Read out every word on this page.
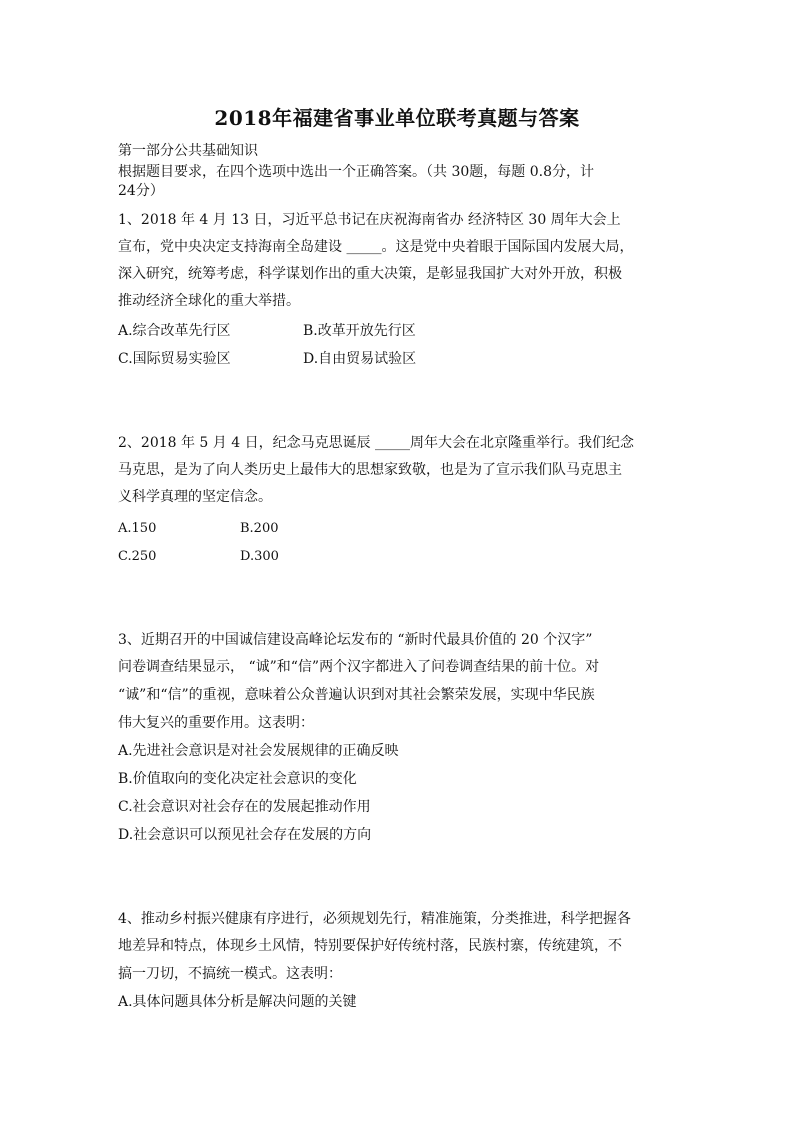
2018年福建省事业单位联考真题与答案
第一部分公共基础知识
根据题目要求，在四个选项中选出一个正确答案。（共 30题，每题 0.8分，计
24分）
1、2018 年 4 月 13 日，习近平总书记在庆祝海南省办 经济特区 30 周年大会上
宣布，党中央决定支持海南全岛建设 _____。这是党中央着眼于国际国内发展大局，
深入研究，统筹考虑，科学谋划作出的重大决策，是彰显我国扩大对外开放，积极
推动经济全球化的重大举措。
A.综合改革先行区	B.改革开放先行区
C.国际贸易实验区	D.自由贸易试验区
2、2018 年 5 月 4 日，纪念马克思诞辰 _____周年大会在北京隆重举行。我们纪念
马克思，是为了向人类历史上最伟大的思想家致敬，也是为了宣示我们队马克思主
义科学真理的坚定信念。
A.150	B.200
C.250	D.300
3、近期召开的中国诚信建设高峰论坛发布的 “新时代最具价值的 20 个汉字”
问卷调查结果显示， “诚”和“信”两个汉字都进入了问卷调查结果的前十位。对
“诚”和“信”的重视，意味着公众普遍认识到对其社会繁荣发展，实现中华民族
伟大复兴的重要作用。这表明：
A.先进社会意识是对社会发展规律的正确反映
B.价值取向的变化决定社会意识的变化
C.社会意识对社会存在的发展起推动作用
D.社会意识可以预见社会存在发展的方向
4、推动乡村振兴健康有序进行，必须规划先行，精准施策，分类推进，科学把握各
地差异和特点，体现乡土风情，特别要保护好传统村落，民族村寨，传统建筑，不
搞一刀切，不搞统一模式。这表明：
A.具体问题具体分析是解决问题的关键
